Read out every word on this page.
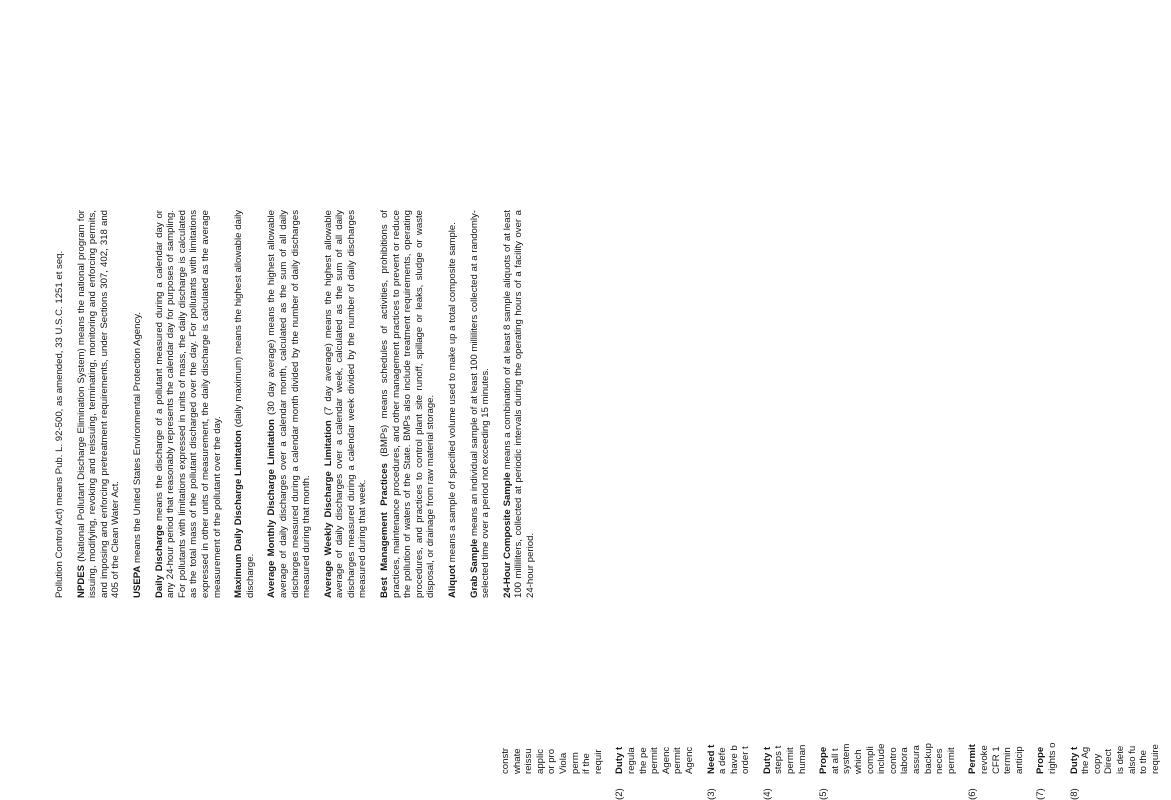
Pollution Control Act) means Pub. L. 92-500, as amended, 33 U.S.C. 1251 et seq. NPDES (National Pollutant Discharge Elimination System) means the national program for issuing, modifying, revoking and reissuing, terminating, monitoring and enforcing permits, and imposing and enforcing pretreatment requirements, under Sections 307, 402, 318 and 405 of the Clean Water Act. USEPA means the United States Environmental Protection Agency. Daily Discharge means the discharge of a pollutant measured during a calendar day or any 24-hour period that reasonably represents the calendar day for purposes of sampling. For pollutants with limitations expressed in units of mass, the daily discharge is calculated as the total mass of the pollutant discharged over the day. For pollutants with limitations expressed in other units of measurement, the daily discharge is calculated as the average measurement of the pollutant over the day. Maximum Daily Discharge Limitation (daily maximum) means the highest allowable daily discharge. Average Monthly Discharge Limitation (30 day average) means the highest allowable average of daily discharges over a calendar month, calculated as the sum of all daily discharges measured during a calendar month divided by the number of daily discharges measured during that month. Average Weekly Discharge Limitation (7 day average) means the highest allowable average of daily discharges over a calendar week, calculated as the sum of all daily discharges measured during a calendar week divided by the number of daily discharges measured during that week. Best Management Practices (BMPs) means schedules of activities, prohibitions of practices, maintenance procedures, and other management practices to prevent or reduce the pollution of waters of the State. BMPs also include treatment requirements, operating procedures, and practices to control plant site runoff, spillage or leaks, sludge or waste disposal, or drainage from raw material storage. Aliquot means a sample of specified volume used to make up a total composite sample.

Grab Sample means an individual sample of at least 100 milliliters collected at a randomly-selected time over a period not exceeding 15 minutes. 24-Hour Composite Sample means a combination of at least 8 sample aliquots of at least 100 milliliters, collected at periodic intervals during the operating hours of a facility over a 24-hour period.

constr whate reissu applic or pro Viola perm if the requir
(2)
Duty t regula the pe permit Agenc permit Agenc
(3)
Need t a defe have b order t
(4)
Duty t steps t permit human
(5)
Prope at all t system which compli include contro labora assura backup neces permit
(6)
Permit revoke CFR 1 termin anticip
(7)
Prope rights o
(8)
Duty t the Ag copy Direct is dete also fu to the require
